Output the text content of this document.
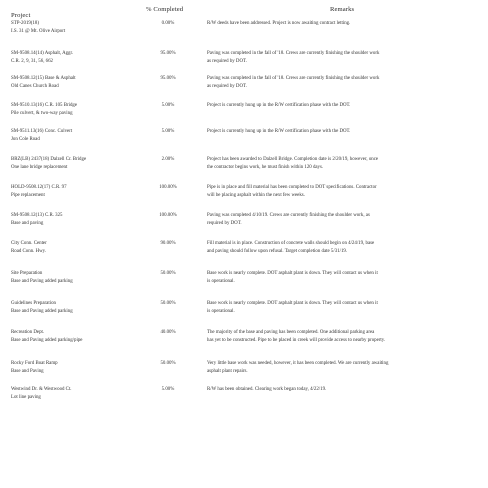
Project
% Completed	Remarks
STP-2019(18)
I.S. 31 @ Mt. Olive Airport
0.00%	R/W deeds have been addressed. Project is now awaiting contract letting.
SM-9508.14(14) Asphalt, Aggr.
C.R. 2, 9, 31, 56, 662
95.00%	Paving was completed in the fall of '18. Crews are currently finishing the shoulder work
as required by DOT.
SM-9508.12(15) Base & Asphalt
Old Canes Church Road
95.00%	Paving was completed in the fall of '18. Crews are currently finishing the shoulder work
as required by DOT.
SM-9510.13(16) C.R. 105 Bridge
Pile culvert, & two-way paving
5.00%	Project is currently hung up in the R/W certification phase with the DOT.
SM-9511.13(16) Conc. Culvert
Jon Cole Road
5.00%	Project is currently hung up in the R/W certification phase with the DOT.
BRZ(LB) 2437(18) Dalzell Cr. Bridge
One lane bridge replacement
2.00%	Project has been awarded to Dalzell Bridge. Completion date is 2/20/19, however, once
the contractor begins work, he must finish within 120 days.
HOLD-9508.12(17) C.R. 97
Pipe replacement
100.00%	Pipe is in place and fill material has been completed to DOT specifications. Contractor
will be placing asphalt within the next few weeks.
SM-9508.12(13) C.R. 325
Base and paving
100.00%	Paving was completed 4/10/19. Crews are currently finishing the shoulder work, as
required by DOT.
City Conn. Center
Road Conn. Hwy.
90.00%	Fill material is in place. Construction of concrete walls should begin on 4/24/19, base
and paving should follow upon refusal. Target completion date 5/31/19.
Site Preparation
Base and Paving added parking
50.00%	Base work is nearly complete. DOT asphalt plant is down. They will contact us when it
is operational.
Guidelines Preparation
Base and Paving added parking
50.00%	Base work is nearly complete. DOT asphalt plant is down. They will contact us when it
is operational.
Recreation Dept.
Base and Paving added parking/pipe
40.00%	The majority of the base and paving has been completed. One additional parking area
has yet to be constructed. Pipe to be placed in creek will provide access to nearby property.
Rocky Ford Boat Ramp
Base and Paving
50.00%	Very little base work was needed, however, it has been completed. We are currently awaiting
asphalt plant repairs.
Westwind Dr. & Westwood Ct.
Lot line paving
5.00%	R/W has been obtained. Clearing work began today, 4/22/19.
